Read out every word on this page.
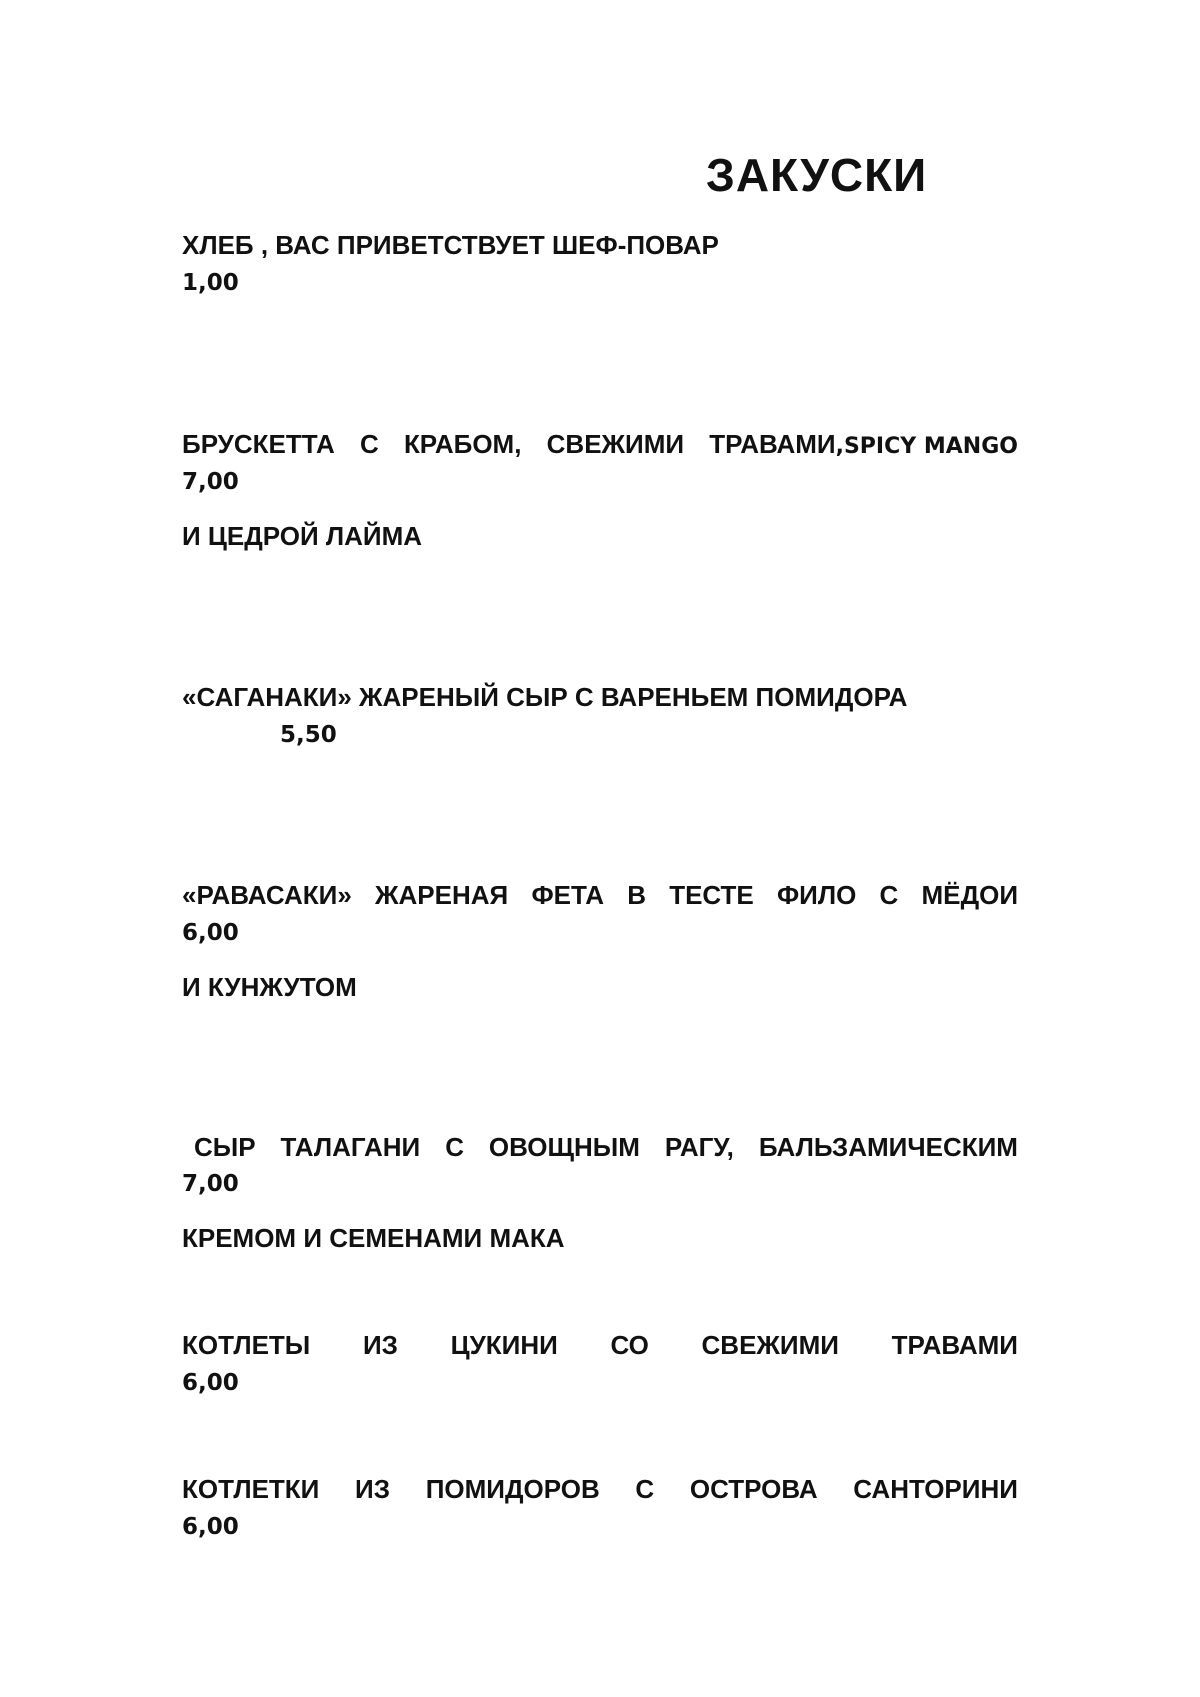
ЗАКУСКИ
ХЛЕБ , ВАС ПРИВЕТСТВУЕТ ШЕФ-ПОВАР
1,00
БРУСКЕТТА С КРАБОМ, СВЕЖИМИ ТРАВАМИ,SPICY MANGO
7,00
И ЦЕДРОЙ ЛАЙМА
«САГАНАКИ» ЖАРЕНЫЙ СЫР С ВАРЕНЬЕМ ПОМИДОРА
5,50
«РАВАСАКИ» ЖАРЕНАЯ ФЕТА В ТЕСТЕ ФИЛО С МЁДОИ
6,00
И КУНЖУТОМ
СЫР ТАЛАГАНИ С ОВОЩНЫМ РАГУ, БАЛЬЗАМИЧЕСКИМ
7,00
КРЕМОМ И СЕМЕНАМИ МАКА
КОТЛЕТЫ ИЗ ЦУКИНИ СО СВЕЖИМИ ТРАВАМИ
6,00
КОТЛЕТКИ ИЗ ПОМИДОРОВ С ОСТРОВА САНТОРИНИ
6,00
